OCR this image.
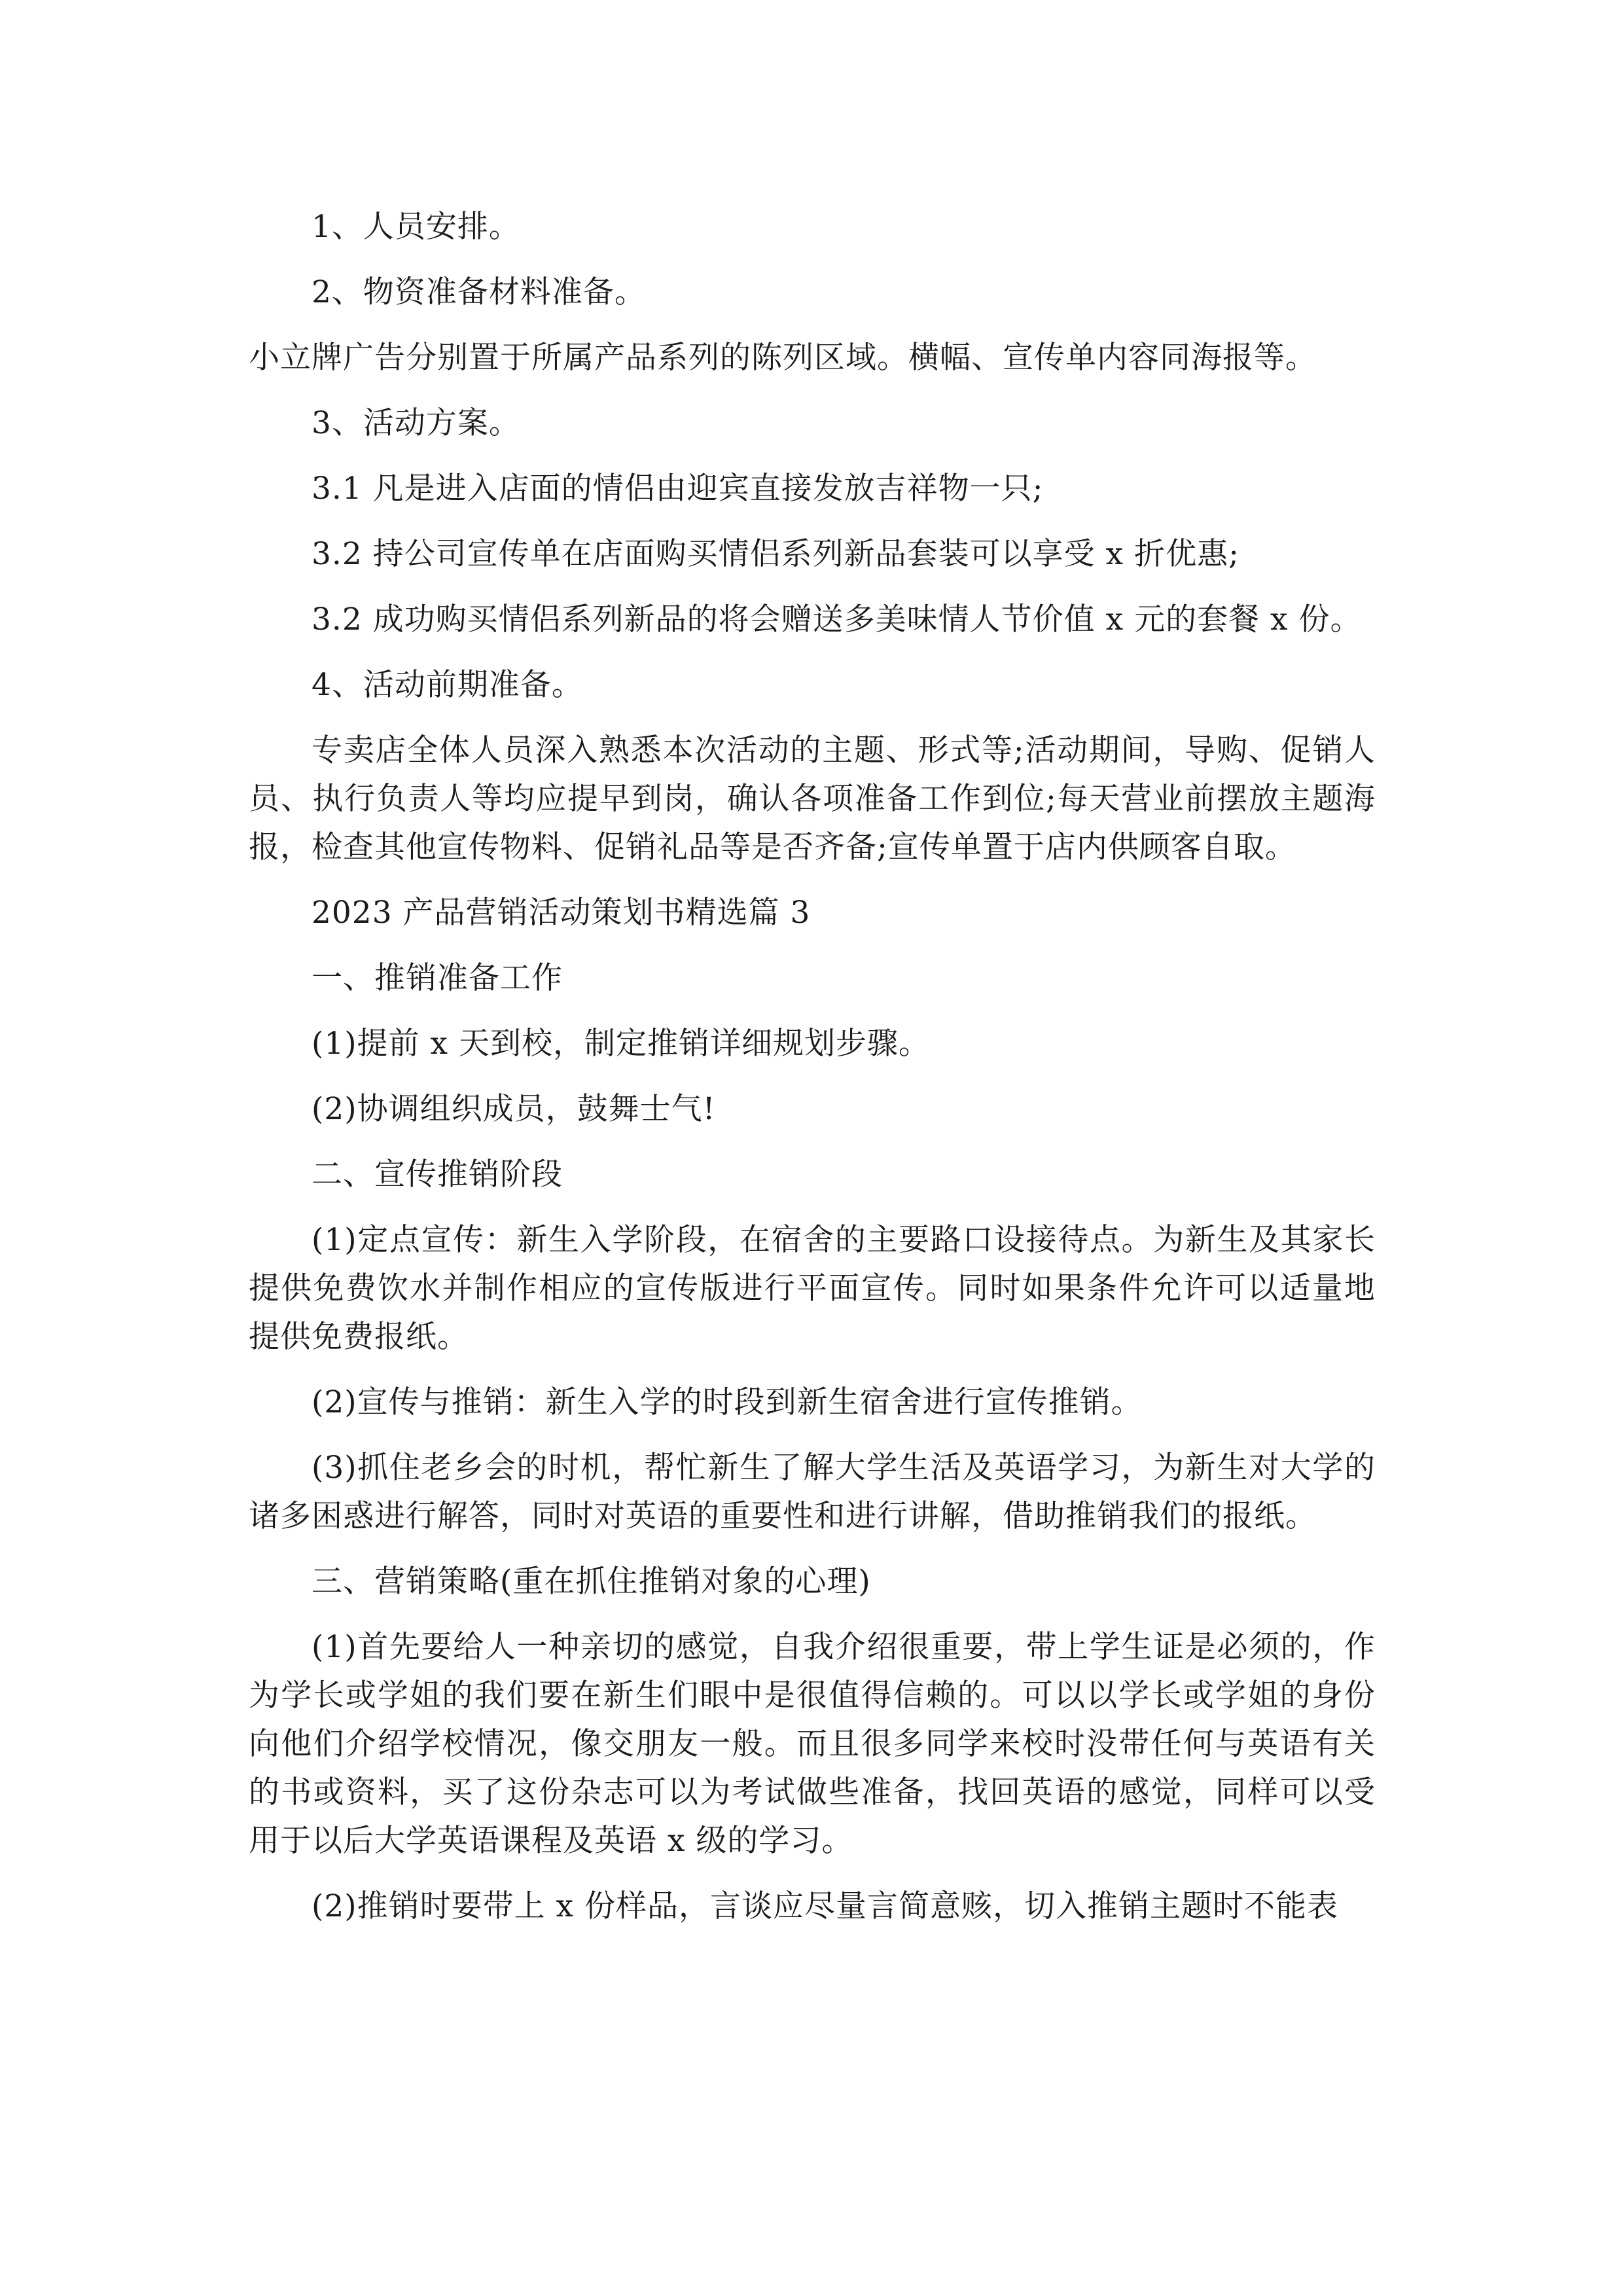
1、人员安排。

2、物资准备材料准备。

小立牌广告分别置于所属产品系列的陈列区域。横幅、宣传单内容同海报等。

3、活动方案。

3.1 凡是进入店面的情侣由迎宾直接发放吉祥物一只;

3.2 持公司宣传单在店面购买情侣系列新品套装可以享受 x 折优惠;

3.2 成功购买情侣系列新品的将会赠送多美味情人节价值 x 元的套餐 x 份。

4、活动前期准备。

专卖店全体人员深入熟悉本次活动的主题、形式等;活动期间，导购、促销人员、执行负责人等均应提早到岗，确认各项准备工作到位;每天营业前摆放主题海报，检查其他宣传物料、促销礼品等是否齐备;宣传单置于店内供顾客自取。

2023 产品营销活动策划书精选篇 3

一、推销准备工作

(1)提前 x 天到校，制定推销详细规划步骤。

(2)协调组织成员，鼓舞士气!

二、宣传推销阶段

(1)定点宣传：新生入学阶段，在宿舍的主要路口设接待点。为新生及其家长提供免费饮水并制作相应的宣传版进行平面宣传。同时如果条件允许可以适量地提供免费报纸。

(2)宣传与推销：新生入学的时段到新生宿舍进行宣传推销。

(3)抓住老乡会的时机，帮忙新生了解大学生活及英语学习，为新生对大学的诸多困惑进行解答，同时对英语的重要性和进行讲解，借助推销我们的报纸。

三、营销策略(重在抓住推销对象的心理)

(1)首先要给人一种亲切的感觉，自我介绍很重要，带上学生证是必须的，作为学长或学姐的我们要在新生们眼中是很值得信赖的。可以以学长或学姐的身份向他们介绍学校情况，像交朋友一般。而且很多同学来校时没带任何与英语有关的书或资料，买了这份杂志可以为考试做些准备，找回英语的感觉，同样可以受用于以后大学英语课程及英语 x 级的学习。

(2)推销时要带上 x 份样品，言谈应尽量言简意赅，切入推销主题时不能表
